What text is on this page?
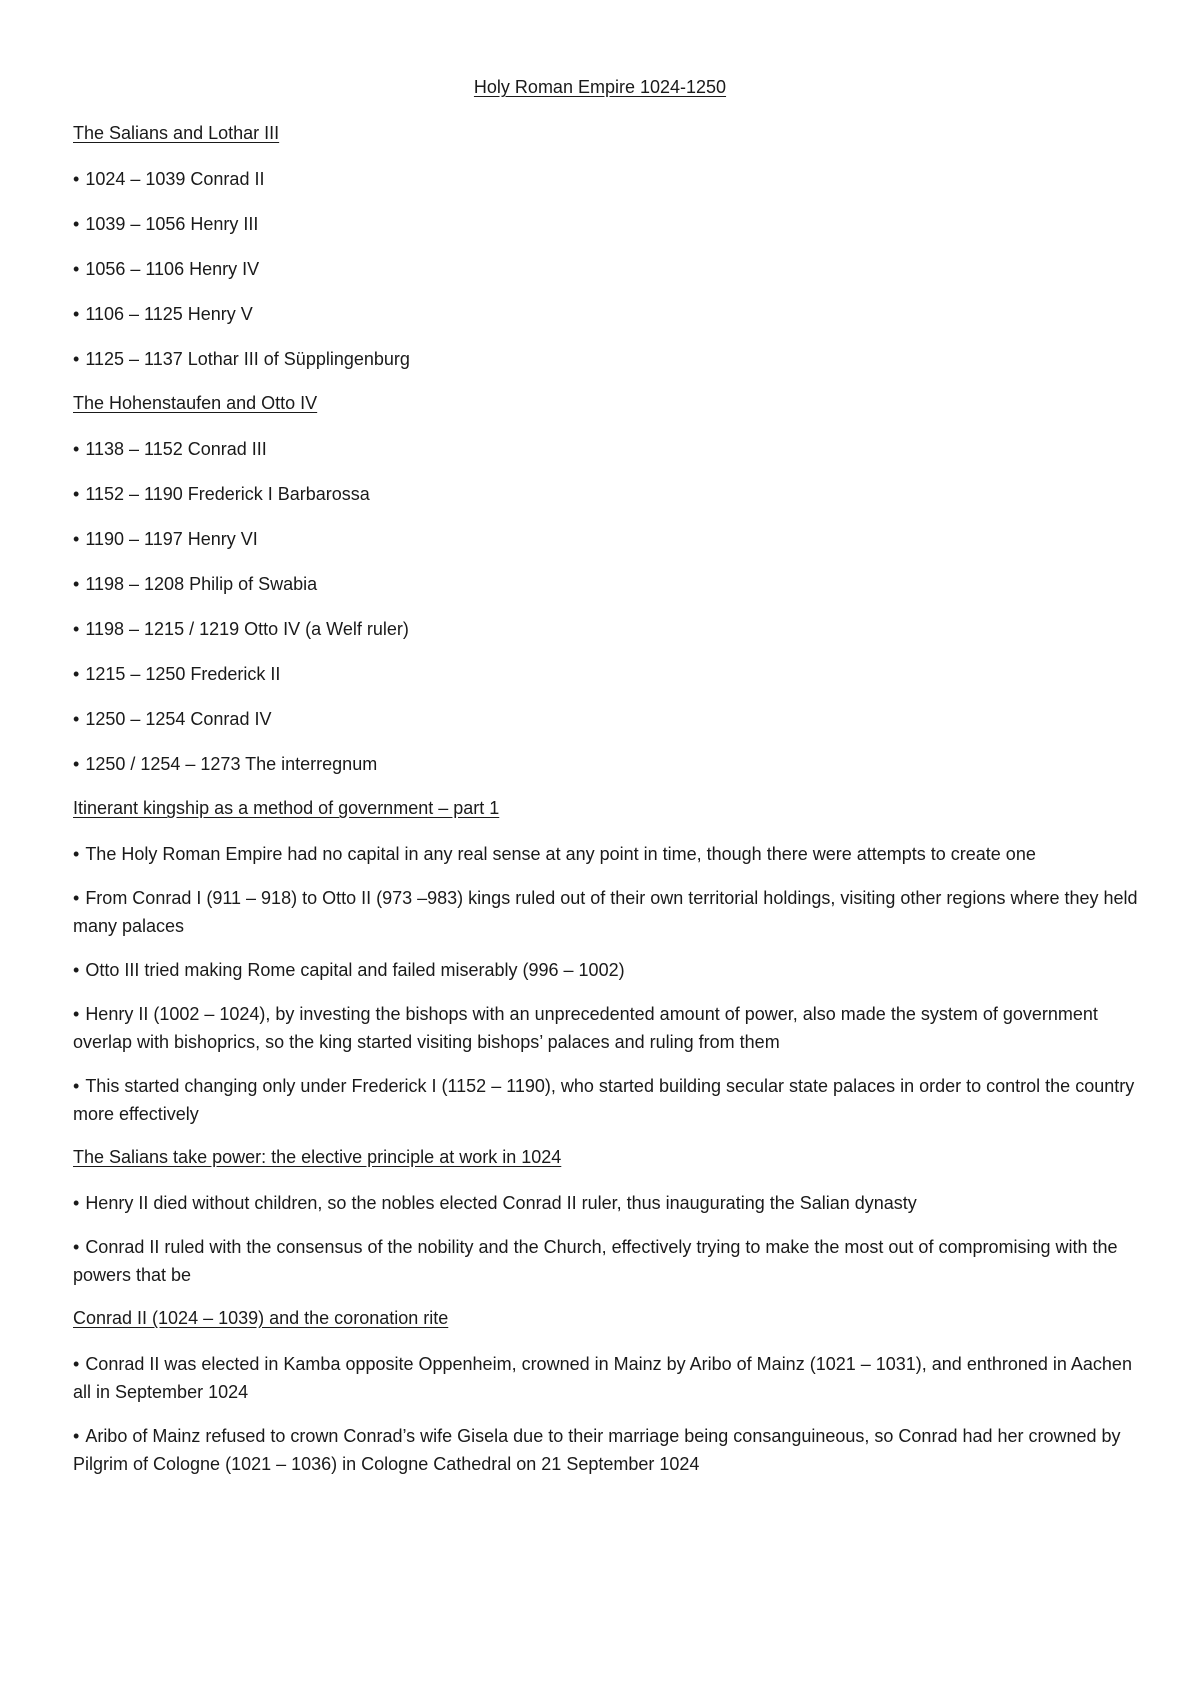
Holy Roman Empire 1024-1250
The Salians and Lothar III
• 1024 – 1039 Conrad II
• 1039 – 1056 Henry III
• 1056 – 1106 Henry IV
• 1106 – 1125 Henry V
• 1125 – 1137 Lothar III of Süpplingenburg
The Hohenstaufen and Otto IV
• 1138 – 1152 Conrad III
• 1152 – 1190 Frederick I Barbarossa
• 1190 – 1197 Henry VI
• 1198 – 1208 Philip of Swabia
• 1198 – 1215 / 1219 Otto IV (a Welf ruler)
• 1215 – 1250 Frederick II
• 1250 – 1254 Conrad IV
• 1250 / 1254 – 1273 The interregnum
Itinerant kingship as a method of government – part 1
• The Holy Roman Empire had no capital in any real sense at any point in time, though there were attempts to create one
• From Conrad I (911 – 918) to Otto II (973 –983) kings ruled out of their own territorial holdings, visiting other regions where they held many palaces
• Otto III tried making Rome capital and failed miserably (996 – 1002)
• Henry II (1002 – 1024), by investing the bishops with an unprecedented amount of power, also made the system of government overlap with bishoprics, so the king started visiting bishops’ palaces and ruling from them
• This started changing only under Frederick I (1152 – 1190), who started building secular state palaces in order to control the country more effectively
The Salians take power: the elective principle at work in 1024
• Henry II died without children, so the nobles elected Conrad II ruler, thus inaugurating the Salian dynasty
• Conrad II ruled with the consensus of the nobility and the Church, effectively trying to make the most out of compromising with the powers that be
Conrad II (1024 – 1039) and the coronation rite
• Conrad II was elected in Kamba opposite Oppenheim, crowned in Mainz by Aribo of Mainz (1021 – 1031), and enthroned in Aachen all in September 1024
• Aribo of Mainz refused to crown Conrad’s wife Gisela due to their marriage being consanguineous, so Conrad had her crowned by Pilgrim of Cologne (1021 – 1036) in Cologne Cathedral on 21 September 1024
